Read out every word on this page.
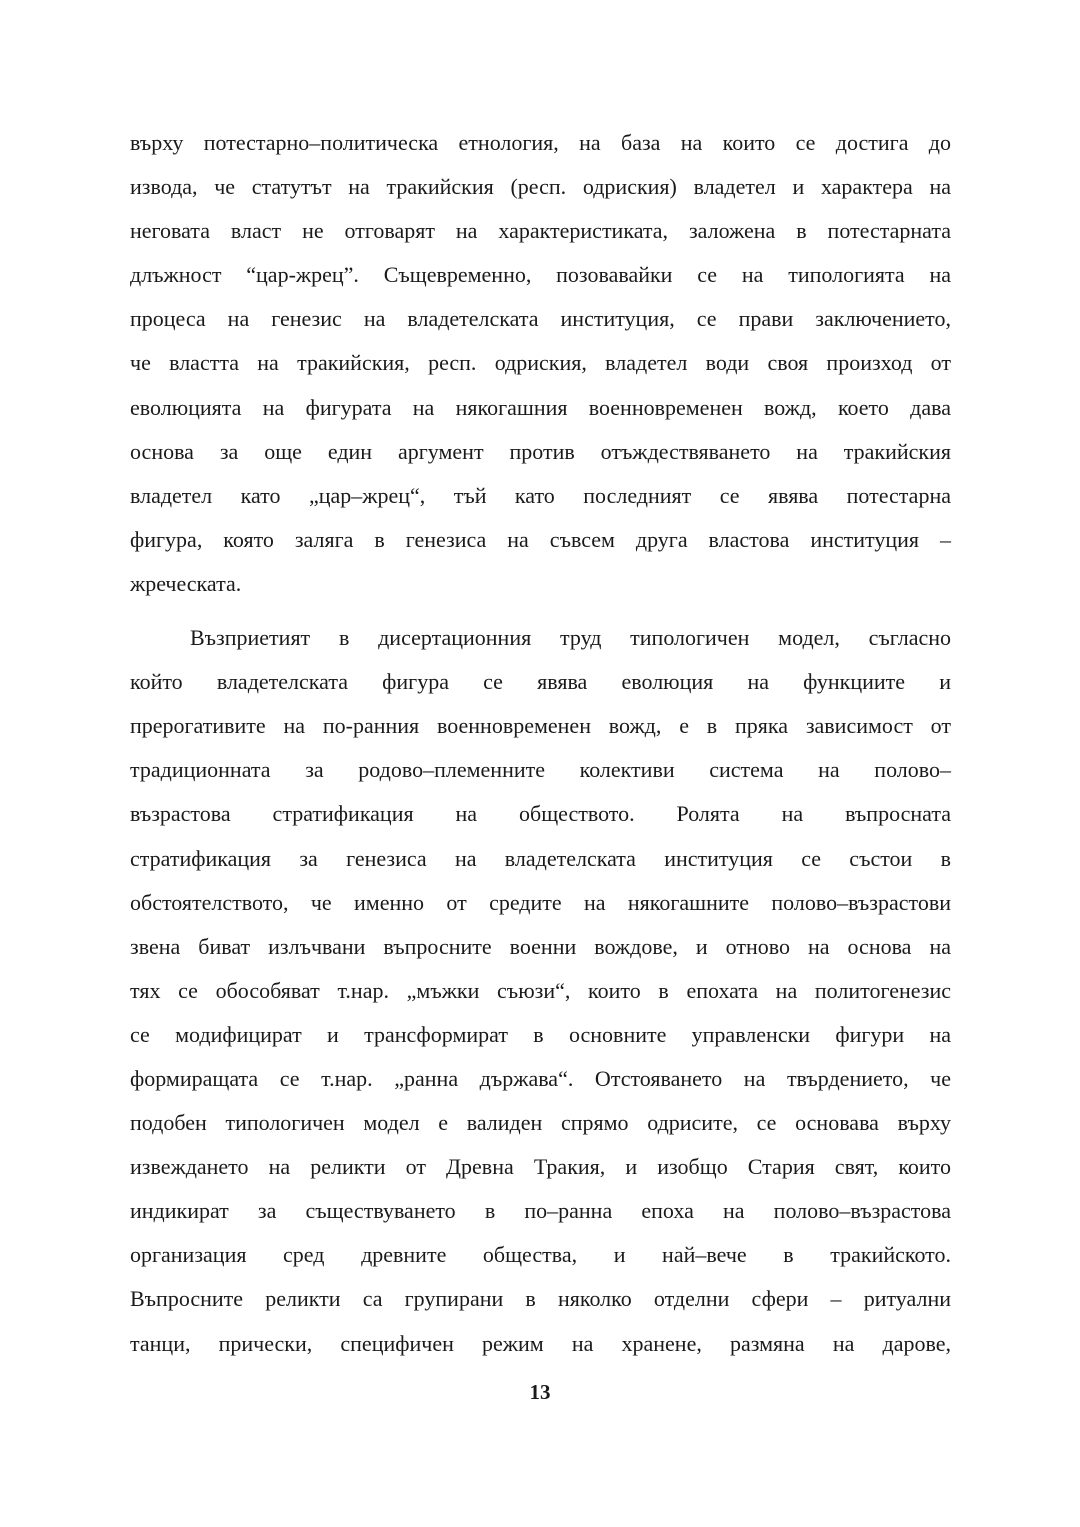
върху потестарно–политическа етнология, на база на които се достига до
извода, че статутът на тракийския (респ. одриския) владетел и характера на
неговата власт не отговарят на характеристиката, заложена в потестарната
длъжност “цар-жрец”. Същевременно, позовавайки се на типологията на
процеса на генезис на владетелската институция, се прави заключението,
че властта на тракийския, респ. одриския, владетел води своя произход от
еволюцията на фигурата на някогашния военновременен вожд, което дава
основа за още един аргумент против отъждествяването на тракийския
владетел като „цар–жрец“, тъй като последният се явява потестарна
фигура, която заляга в генезиса на съвсем друга властова институция –
жреческата.
Възприетият в дисертационния труд типологичен модел, съгласно
който владетелската фигура се явява еволюция на функциите и
прерогативите на по-ранния военновременен вожд, е в пряка зависимост от
традиционната за родово–племенните колективи система на полово–
възрастова стратификация на обществото. Ролята на въпросната
стратификация за генезиса на владетелската институция се състои в
обстоятелството, че именно от средите на някогашните полово–възрастови
звена биват излъчвани въпросните военни вождове, и отново на основа на
тях се обособяват т.нар. „мъжки съюзи“, които в епохата на политогенезис
се модифицират и трансформират в основните управленски фигури на
формиращата се т.нар. „ранна държава“. Отстояването на твърдението, че
подобен типологичен модел е валиден спрямо одрисите, се основава върху
извеждането на реликти от Древна Тракия, и изобщо Стария свят, които
индикират за съществуването в по–ранна епоха на полово–възрастова
организация сред древните общества, и най–вече в тракийското.
Въпросните реликти са групирани в няколко отделни сфери – ритуални
танци, прически, специфичен режим на хранене, размяна на дарове,
13
